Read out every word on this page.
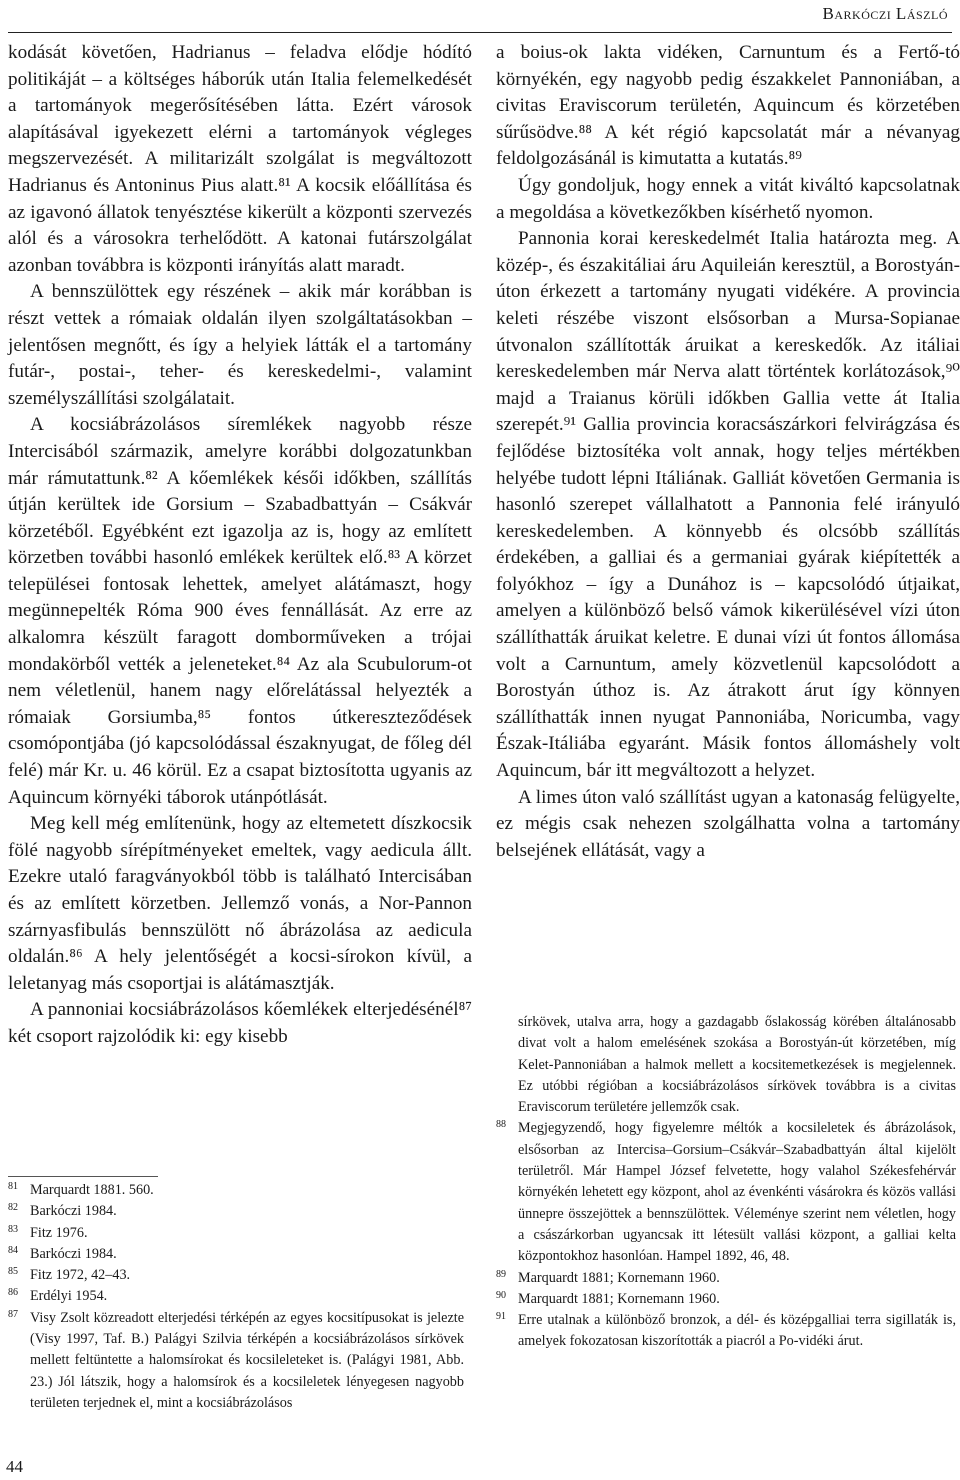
Barkóczi László

kodását követően, Hadrianus – feladva elődje hódító politikáját – a költséges háborúk után Italia felemelkedését a tartományok megerősítésében látta. Ezért városok alapításával igyekezett elérni a tartományok végleges megszervezését. A militarizált szolgálat is megváltozott Hadrianus és Antoninus Pius alatt.⁸¹ A kocsik előállítása és az igavonó állatok tenyésztése kikerült a központi szervezés alól és a városokra terhelődött. A katonai futárszolgálat azonban továbbra is központi irányítás alatt maradt.

A bennszülöttek egy részének – akik már korábban is részt vettek a rómaiak oldalán ilyen szolgáltatásokban – jelentősen megnőtt, és így a helyiek látták el a tartomány futár-, postai-, teher- és kereskedelmi-, valamint személyszállítási szolgálatait.

A kocsiábrázolásos síremlékek nagyobb része Intercisából származik, amelyre korábbi dolgozatunkban már rámutattunk.⁸² A kőemlékek késői időkben, szállítás útján kerültek ide Gorsium – Szabadbattyán – Csákvár körzetéből. Egyébként ezt igazolja az is, hogy az említett körzetben további hasonló emlékek kerültek elő.⁸³ A körzet települései fontosak lehettek, amelyet alátámaszt, hogy megünnepelték Róma 900 éves fennállását. Az erre az alkalomra készült faragott domborműveken a trójai mondakörből vették a jeleneteket.⁸⁴ Az ala Scubulorum-ot nem véletlenül, hanem nagy előrelátással helyezték a rómaiak Gorsiumba,⁸⁵ fontos útkereszteződések csomópontjába (jó kapcsolódással északnyugat, de főleg dél felé) már Kr. u. 46 körül. Ez a csapat biztosította ugyanis az Aquincum környéki táborok utánpótlását.

Meg kell még említenünk, hogy az eltemetett díszkocsik fölé nagyobb sírépítményeket emeltek, vagy aedicula állt. Ezekre utaló faragványokból több is található Intercisában és az említett körzetben. Jellemző vonás, a Nor-Pannon szárnyasfibulás bennszülött nő ábrázolása az aedicula oldalán.⁸⁶ A hely jelentőségét a kocsi-sírokon kívül, a leletanyag más csoportjai is alátámasztják.

A pannoniai kocsiábrázolásos kőemlékek elterjedésénél⁸⁷ két csoport rajzolódik ki: egy kisebb

a boius-ok lakta vidéken, Carnuntum és a Fertő-tó környékén, egy nagyobb pedig északkelet Pannoniában, a civitas Eraviscorum területén, Aquincum és körzetében sűrűsödve.⁸⁸ A két régió kapcsolatát már a névanyag feldolgozásánál is kimutatta a kutatás.⁸⁹

Úgy gondoljuk, hogy ennek a vitát kiváltó kapcsolatnak a megoldása a következőkben kísérhető nyomon.

Pannonia korai kereskedelmét Italia határozta meg. A közép-, és északitáliai áru Aquileián keresztül, a Borostyán-úton érkezett a tartomány nyugati vidékére. A provincia keleti részébe viszont elsősorban a Mursa-Sopianae útvonalon szállították áruikat a kereskedők. Az itáliai kereskedelemben már Nerva alatt történtek korlátozások,⁹⁰ majd a Traianus körüli időkben Gallia vette át Italia szerepét.⁹¹ Gallia provincia koracsászárkori felvirágzása és fejlődése biztosítéka volt annak, hogy teljes mértékben helyébe tudott lépni Itáliának. Galliát követően Germania is hasonló szerepet vállalhatott a Pannonia felé irányuló kereskedelemben. A könnyebb és olcsóbb szállítás érdekében, a galliai és a germaniai gyárak kiépítették a folyókhoz – így a Dunához is – kapcsolódó útjaikat, amelyen a különböző belső vámok kikerülésével vízi úton szállíthatták áruikat keletre. E dunai vízi út fontos állomása volt a Carnuntum, amely közvetlenül kapcsolódott a Borostyán úthoz is. Az átrakott árut így könnyen szállíthatták innen nyugat Pannoniába, Noricumba, vagy Észak-Itáliába egyaránt. Másik fontos állomáshely volt Aquincum, bár itt megváltozott a helyzet.

A limes úton való szállítást ugyan a katonaság felügyelte, ez mégis csak nehezen szolgálhatta volna a tartomány belsejének ellátását, vagy a

81 Marquardt 1881. 560.
82 Barkóczi 1984.
83 Fitz 1976.
84 Barkóczi 1984.
85 Fitz 1972, 42–43.
86 Erdélyi 1954.
87 Visy Zsolt közreadott elterjedési térképén az egyes kocsitípusokat is jelezte (Visy 1997, Taf. B.) Palágyi Szilvia térképén a kocsiábrázolásos sírkövek mellett feltüntette a halomsírokat és kocsileleteket is. (Palágyi 1981, Abb. 23.) Jól látszik, hogy a halomsírok és a kocsileletek lényegesen nagyobb területen terjednek el, mint a kocsiábrázolásos
sírkövek, utalva arra, hogy a gazdagabb őslakosság körében általánosabb divat volt a halom emelésének szokása a Borostyán-út körzetében, míg Kelet-Pannoniában a halmok mellett a kocsitemetkezések is megjelennek. Ez utóbbi régióban a kocsiábrázolásos sírkövek továbbra is a civitas Eraviscorum területére jellemzők csak.
88 Megjegyzendő, hogy figyelemre méltók a kocsileletek és ábrázolások, elsősorban az Intercisa–Gorsium–Csákvár–Szabadbattyán által kijelölt területről. Már Hampel József felvetette, hogy valahol Székesfehérvár környékén lehetett egy központ, ahol az évenkénti vásárokra és közös vallási ünnepre összejöttek a bennszülöttek. Véleménye szerint nem véletlen, hogy a császárkorban ugyancsak itt létesült vallási központ, a galliai kelta központokhoz hasonlóan. Hampel 1892, 46, 48.
89 Marquardt 1881; Kornemann 1960.
90 Marquardt 1881; Kornemann 1960.
91 Erre utalnak a különböző bronzok, a dél- és középgalliai terra sigillaták is, amelyek fokozatosan kiszorították a piacról a Po-vidéki árut.
44
